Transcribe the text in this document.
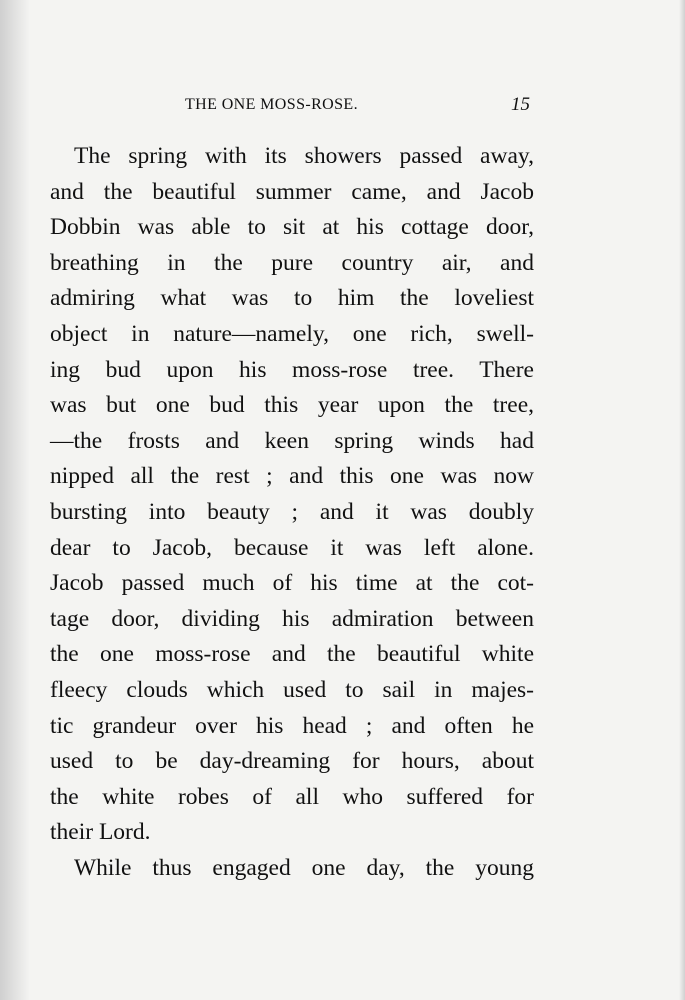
THE ONE MOSS-ROSE.	15
The spring with its showers passed away,
and the beautiful summer came, and Jacob
Dobbin was able to sit at his cottage door,
breathing in the pure country air, and
admiring what was to him the loveliest
object in nature—namely, one rich, swell-
ing bud upon his moss-rose tree. There
was but one bud this year upon the tree,
—the frosts and keen spring winds had
nipped all the rest ; and this one was now
bursting into beauty ; and it was doubly
dear to Jacob, because it was left alone.
Jacob passed much of his time at the cot-
tage door, dividing his admiration between
the one moss-rose and the beautiful white
fleecy clouds which used to sail in majes-
tic grandeur over his head ; and often he
used to be day-dreaming for hours, about
the white robes of all who suffered for
their Lord.
While thus engaged one day, the young
